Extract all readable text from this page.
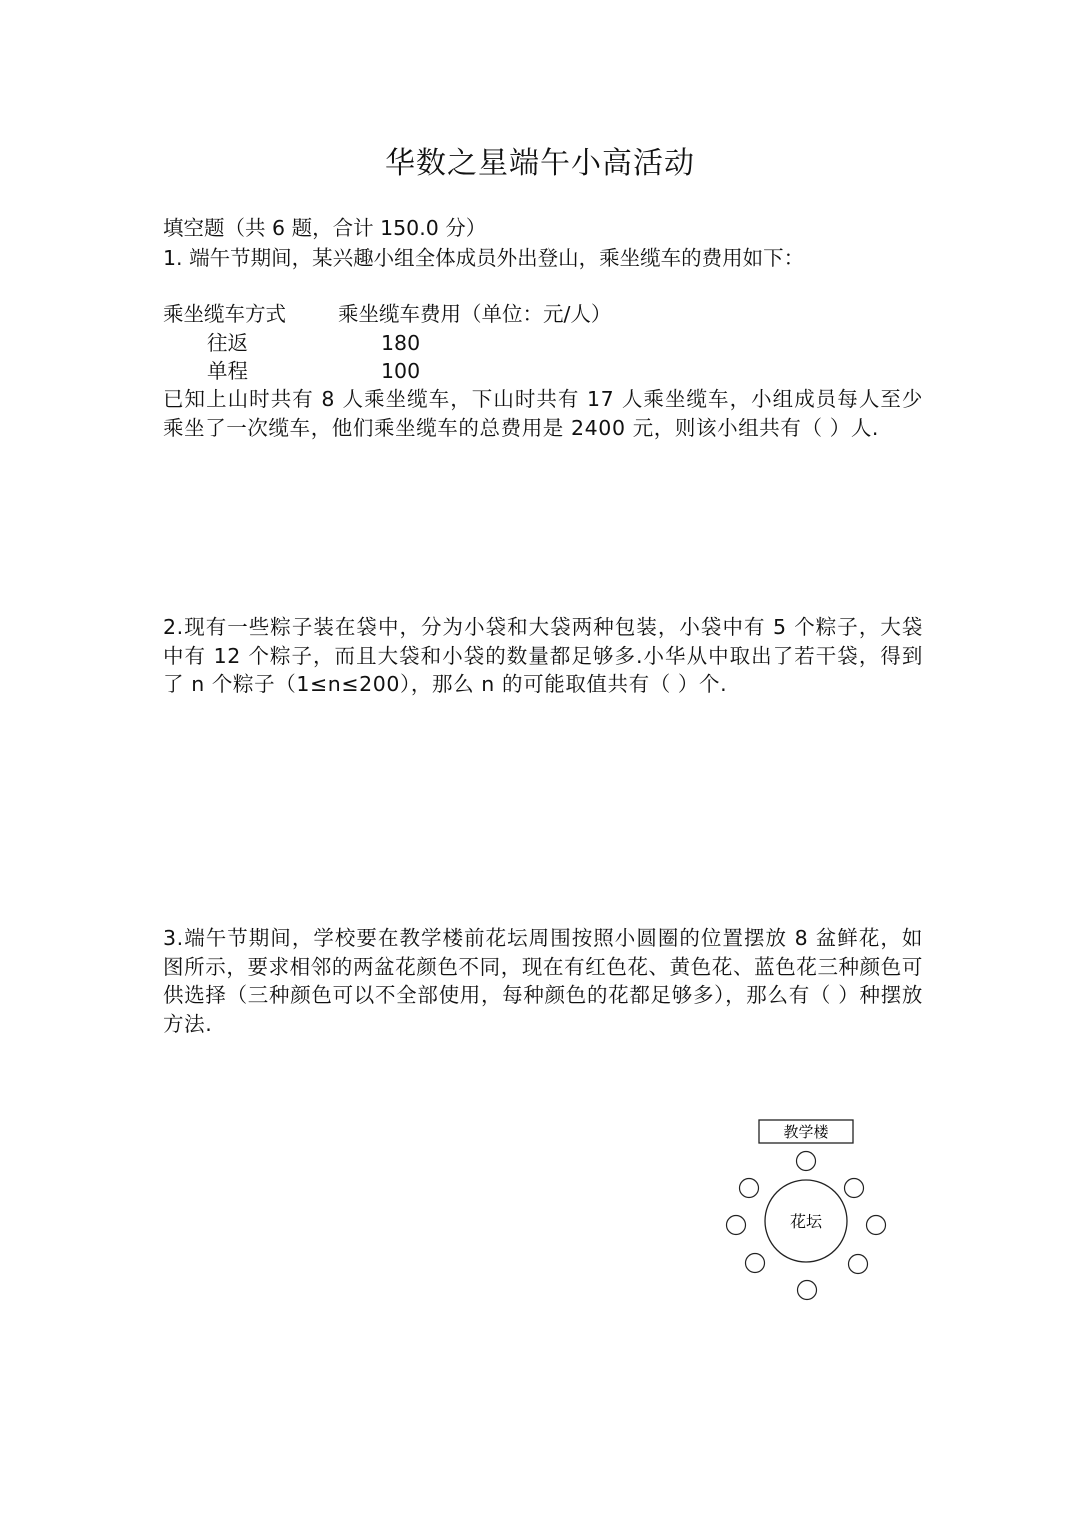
华数之星端午小高活动
填空题（共 6 题，合计 150.0 分）
1. 端午节期间，某兴趣小组全体成员外出登山，乘坐缆车的费用如下：
乘坐缆车方式	乘坐缆车费用（单位：元/人）
往返	180
单程	100
已知上山时共有 8 人乘坐缆车，下山时共有 17 人乘坐缆车，小组成员每人至少乘坐了一次缆车，他们乘坐缆车的总费用是 2400 元，则该小组共有（ ）人.
2.现有一些粽子装在袋中，分为小袋和大袋两种包装，小袋中有 5 个粽子，大袋中有 12 个粽子，而且大袋和小袋的数量都足够多.小华从中取出了若干袋，得到了 n 个粽子（1≤n≤200），那么 n 的可能取值共有（ ）个.
3.端午节期间，学校要在教学楼前花坛周围按照小圆圈的位置摆放 8 盆鲜花，如图所示，要求相邻的两盆花颜色不同，现在有红色花、黄色花、蓝色花三种颜色可供选择（三种颜色可以不全部使用，每种颜色的花都足够多），那么有（ ）种摆放方法.
教学楼
花坛
